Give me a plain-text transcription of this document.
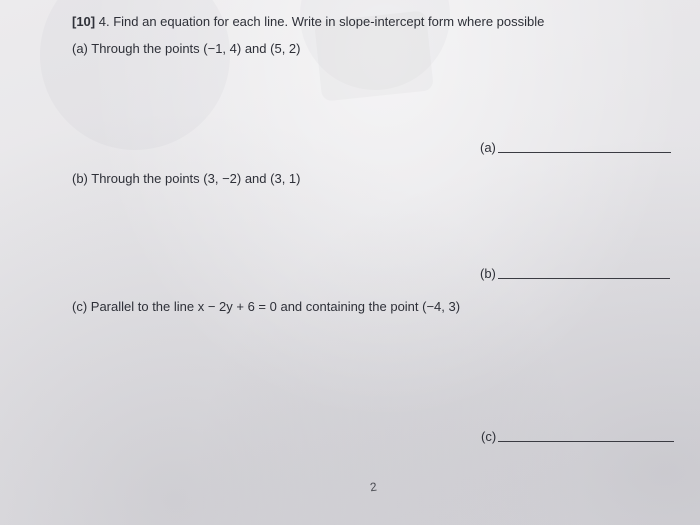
[10] 4. Find an equation for each line. Write in slope-intercept form where possible
(a) Through the points (−1, 4) and (5, 2)
(a)
(b) Through the points (3, −2) and (3, 1)
(b)
(c) Parallel to the line x − 2y + 6 = 0 and containing the point (−4, 3)
(c)
2
